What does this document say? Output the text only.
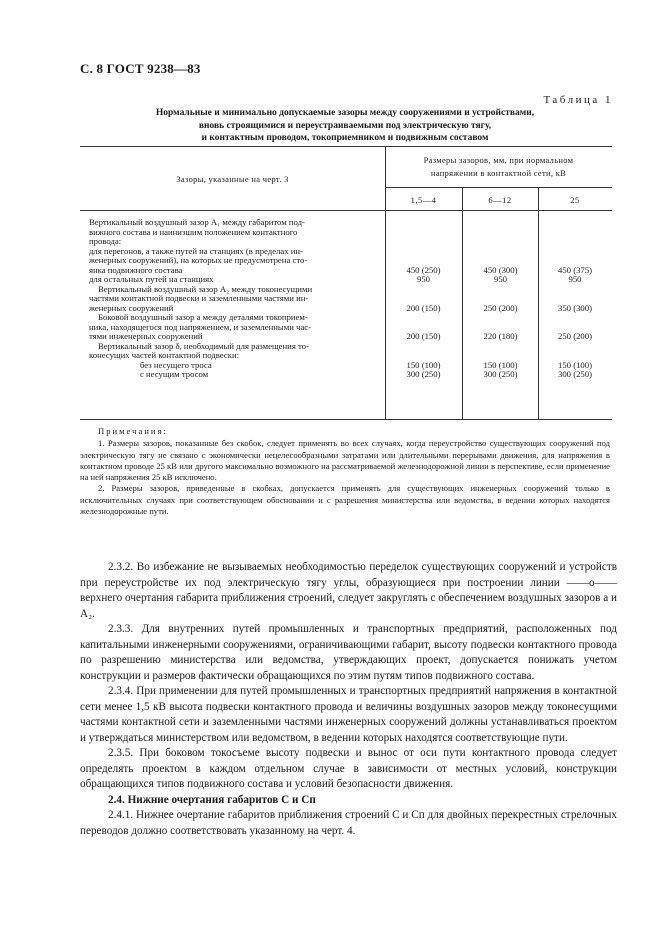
С. 8 ГОСТ 9238—83
Таблица 1
Нормальные и минимально допускаемые зазоры между сооружениями и устройствами,
вновь строящимися и переустраиваемыми под электрическую тягу,
и контактным проводом, токоприемником и подвижным составом
Зазоры, указанные на черт. 3
Размеры зазоров, мм, при нормальном
напряжении в контактной сети, кВ
1,5—4	6—12	25
Вертикальный воздушный зазор A₁ между габаритом под-
вижного состава и наинизшим положением контактного
провода:
для перегонов, а также путей на станциях (в пределах ин-
женерных сооружений), на которых не предусмотрена сто-
янка подвижного состава	450 (250)	450 (300)	450 (375)
для остальных путей на станциях	950	950	950
Вертикальный воздушный зазор A₂ между токонесущими
частями контактной подвески и заземленными частями ин-
женерных сооружений	200 (150)	250 (200)	350 (300)
Боковой воздушный зазор a между деталями токоприем-
ника, находящегося под напряжением, и заземленными час-
тями инженерных сооружений	200 (150)	220 (180)	250 (200)
Вертикальный зазор δ, необходимый для размещения то-
конесущих частей контактной подвески:
без несущего троса	150 (100)	150 (100)	150 (100)
с несущим тросом	300 (250)	300 (250)	300 (250)

Примечания:

1. Размеры зазоров, показанные без скобок, следует применять во всех случаях, когда переустройство существующих сооружений под электрическую тягу не связано с экономически нецелесообразными затратами или длительными перерывами движения, для напряжения в контактном проводе 25 кВ или другого максимально возможного на рассматриваемой железнодорожной линии в перспективе, если применение на ней напряжения 25 кВ исключено.

2. Размеры зазоров, приведенные в скобках, допускается применять для существующих инженерных сооружений только в исключительных случаях при соответствующем обосновании и с разрешения министерства или ведомства, в ведении которых находятся железнодорожные пути.

2.3.2. Во избежание не вызываемых необходимостью переделок существующих сооружений и устройств при переустройстве их под электрическую тягу углы, образующиеся при построении линии ——o—— верхнего очертания габарита приближения строений, следует закруглять с обеспечением воздушных зазоров a и A₂.

2.3.3. Для внутренних путей промышленных и транспортных предприятий, расположенных под капитальными инженерными сооружениями, ограничивающими габарит, высоту подвески контактного провода по разрешению министерства или ведомства, утверждающих проект, допускается понижать учетом конструкции и размеров фактически обращающихся по этим путям типов подвижного состава.

2.3.4. При применении для путей промышленных и транспортных предприятий напряжения в контактной сети менее 1,5 кВ высота подвески контактного провода и величины воздушных зазоров между токонесущими частями контактной сети и заземленными частями инженерных сооружений должны устанавливаться проектом и утверждаться министерством или ведомством, в ведении которых находятся соответствующие пути.

2.3.5. При боковом токосъеме высоту подвески и вынос от оси пути контактного провода следует определять проектом в каждом отдельном случае в зависимости от местных условий, конструкции обращающихся типов подвижного состава и условий безопасности движения.

2.4. Нижние очертания габаритов С и Сп

2.4.1. Нижнее очертание габаритов приближения строений С и Сп для двойных перекрестных стрелочных переводов должно соответствовать указанному на черт. 4.
